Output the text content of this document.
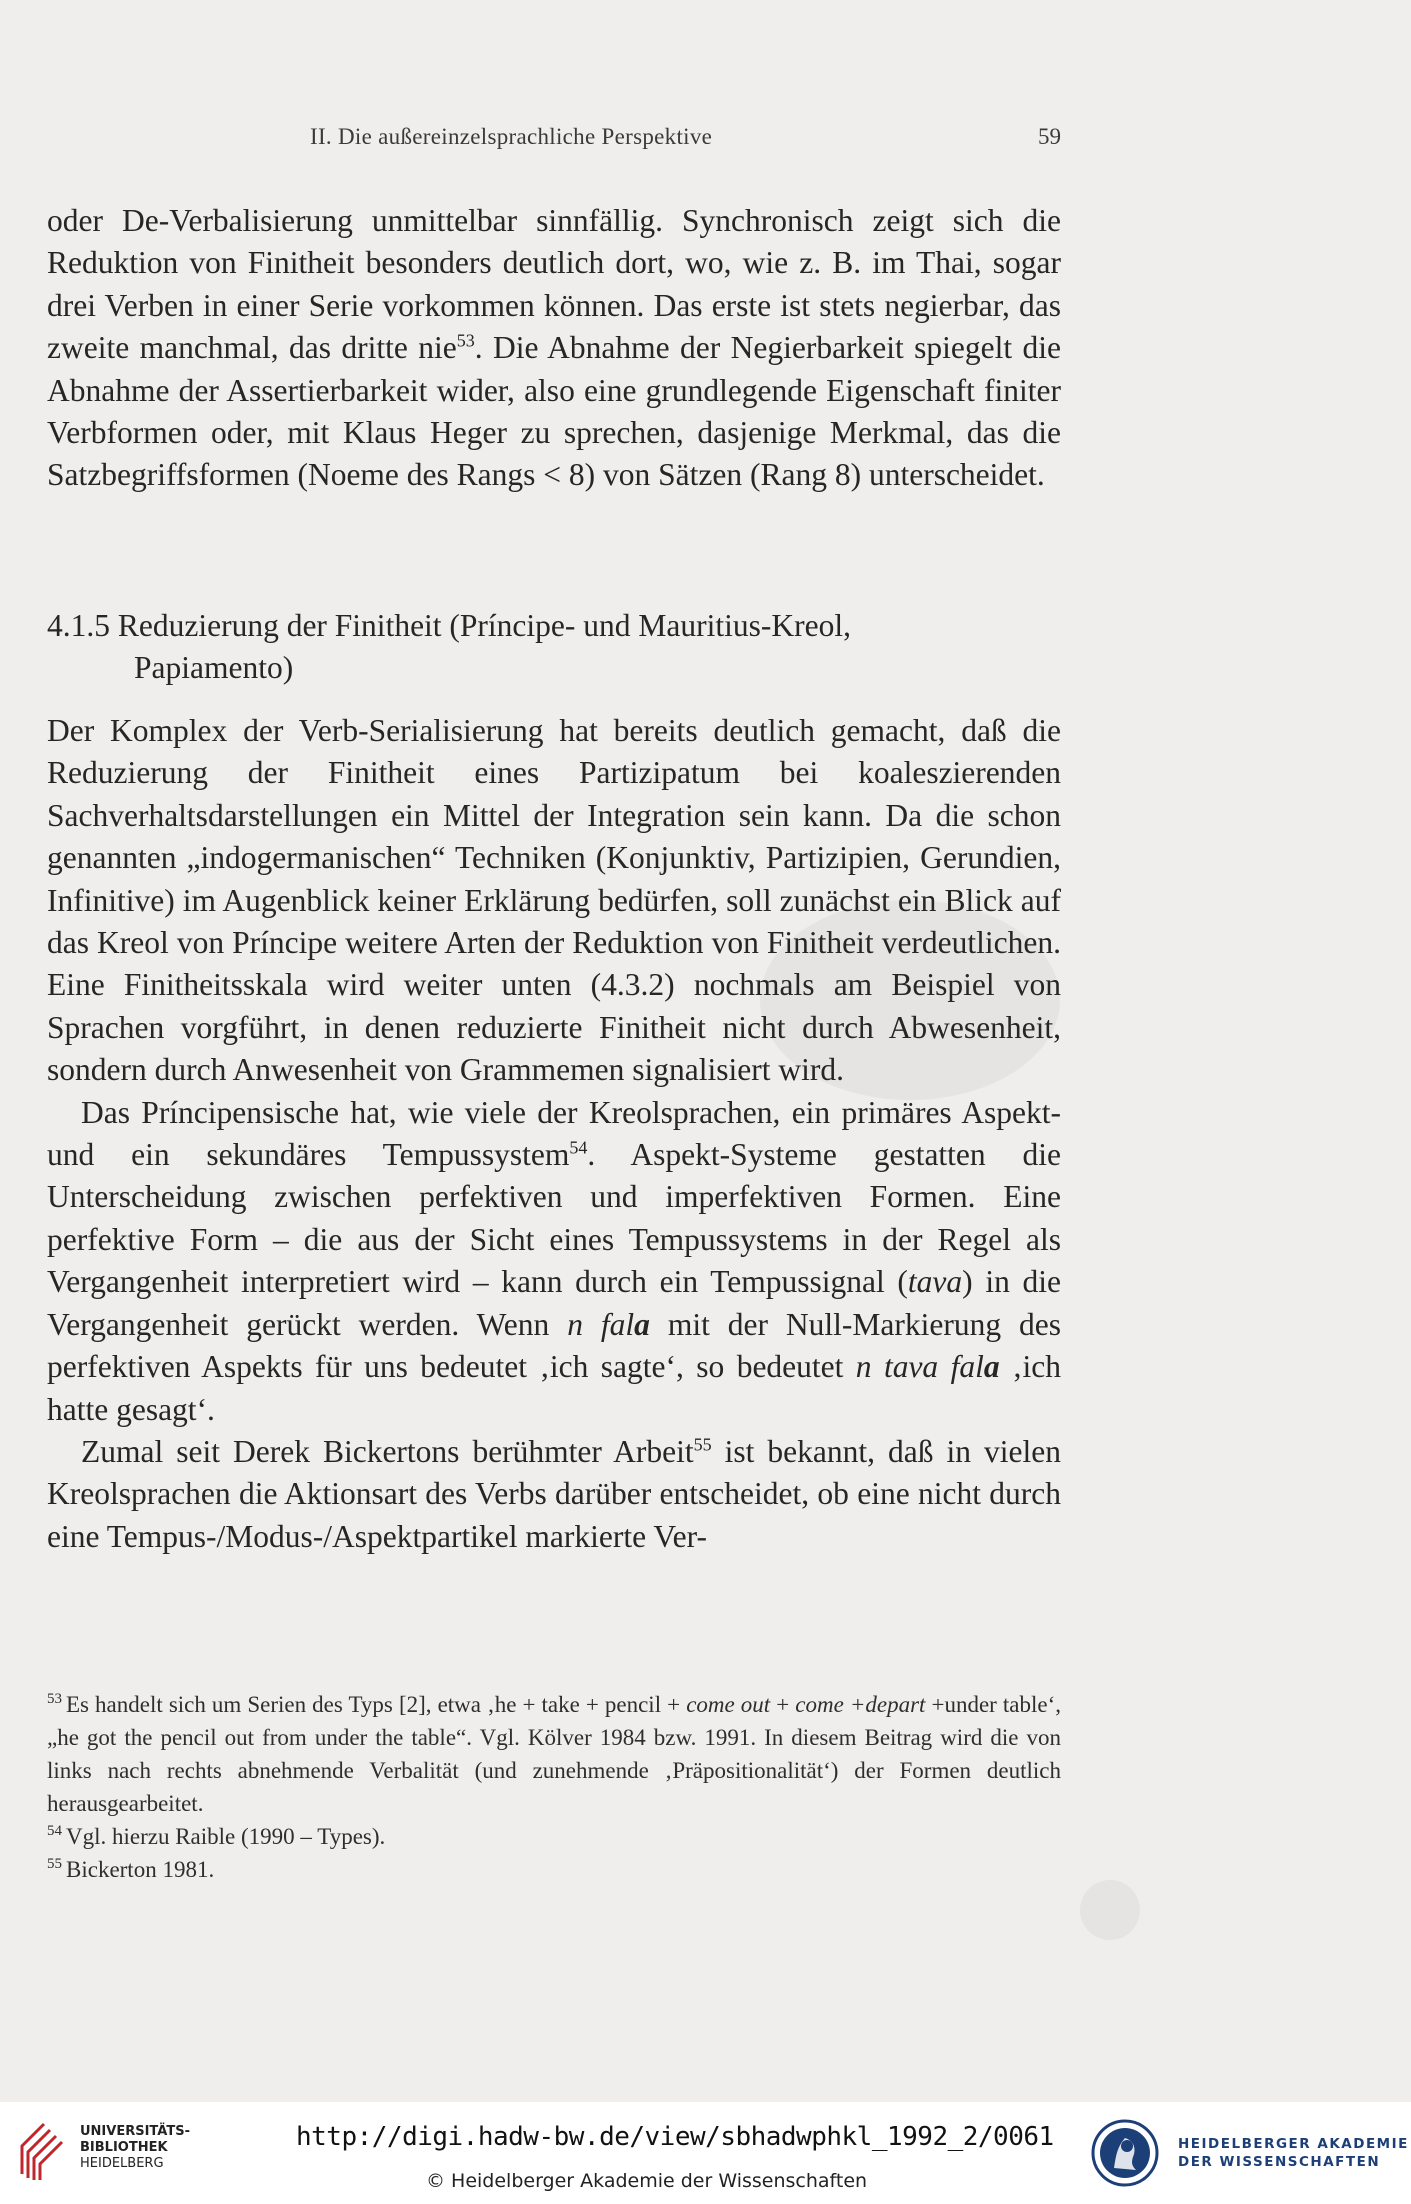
II. Die außereinzelsprachliche Perspektive	59

oder De-Verbalisierung unmittelbar sinnfällig. Synchronisch zeigt sich die Reduktion von Finitheit besonders deutlich dort, wo, wie z. B. im Thai, sogar drei Verben in einer Serie vorkommen können. Das erste ist stets negierbar, das zweite manchmal, das dritte nie$^{53}$. Die Abnahme der Negierbarkeit spiegelt die Abnahme der Assertierbarkeit wider, also eine grundlegende Eigenschaft finiter Verbformen oder, mit Klaus Heger zu sprechen, dasjenige Merkmal, das die Satzbegriffsformen (Noeme des Rangs < 8) von Sätzen (Rang 8) unterscheidet.

4.1.5 Reduzierung der Finitheit (Príncipe- und Mauritius-Kreol,
Papiamento)

Der Komplex der Verb-Serialisierung hat bereits deutlich gemacht, daß die Reduzierung der Finitheit eines Partizipatum bei koaleszierenden Sachverhaltsdarstellungen ein Mittel der Integration sein kann. Da die schon genannten „indogermanischen“ Techniken (Konjunktiv, Partizipien, Gerundien, Infinitive) im Augenblick keiner Erklärung bedürfen, soll zunächst ein Blick auf das Kreol von Príncipe weitere Arten der Reduktion von Finitheit verdeutlichen. Eine Finitheitsskala wird weiter unten (4.3.2) nochmals am Beispiel von Sprachen vorgführt, in denen reduzierte Finitheit nicht durch Abwesenheit, sondern durch Anwesenheit von Grammemen signalisiert wird.

Das Príncipensische hat, wie viele der Kreolsprachen, ein primäres Aspekt- und ein sekundäres Tempussystem$^{54}$. Aspekt-Systeme gestatten die Unterscheidung zwischen perfektiven und imperfektiven Formen. Eine perfektive Form – die aus der Sicht eines Tempussystems in der Regel als Vergangenheit interpretiert wird – kann durch ein Tempussignal (tava) in die Vergangenheit gerückt werden. Wenn n fala mit der Null-Markierung des perfektiven Aspekts für uns bedeutet ‚ich sagte‘, so bedeutet n tava fala ‚ich hatte gesagt‘.

Zumal seit Derek Bickertons berühmter Arbeit$^{55}$ ist bekannt, daß in vielen Kreolsprachen die Aktionsart des Verbs darüber entscheidet, ob eine nicht durch eine Tempus-/Modus-/Aspektpartikel markierte Ver-

$^{53}$ Es handelt sich um Serien des Typs [2], etwa ‚he + take + pencil + come out + come +depart +under table‘, „he got the pencil out from under the table“. Vgl. Kölver 1984 bzw. 1991. In diesem Beitrag wird die von links nach rechts abnehmende Verbalität (und zunehmende ‚Präpositionalität‘) der Formen deutlich herausgearbeitet.

$^{54}$ Vgl. hierzu Raible (1990 – Types).

$^{55}$ Bickerton 1981.

UNIVERSITÄTS-
BIBLIOTHEK
HEIDELBERG
http://digi.hadw-bw.de/view/sbhadwphkl_1992_2/0061
© Heidelberger Akademie der Wissenschaften
HEIDELBERGER AKADEMIE
DER WISSENSCHAFTEN
